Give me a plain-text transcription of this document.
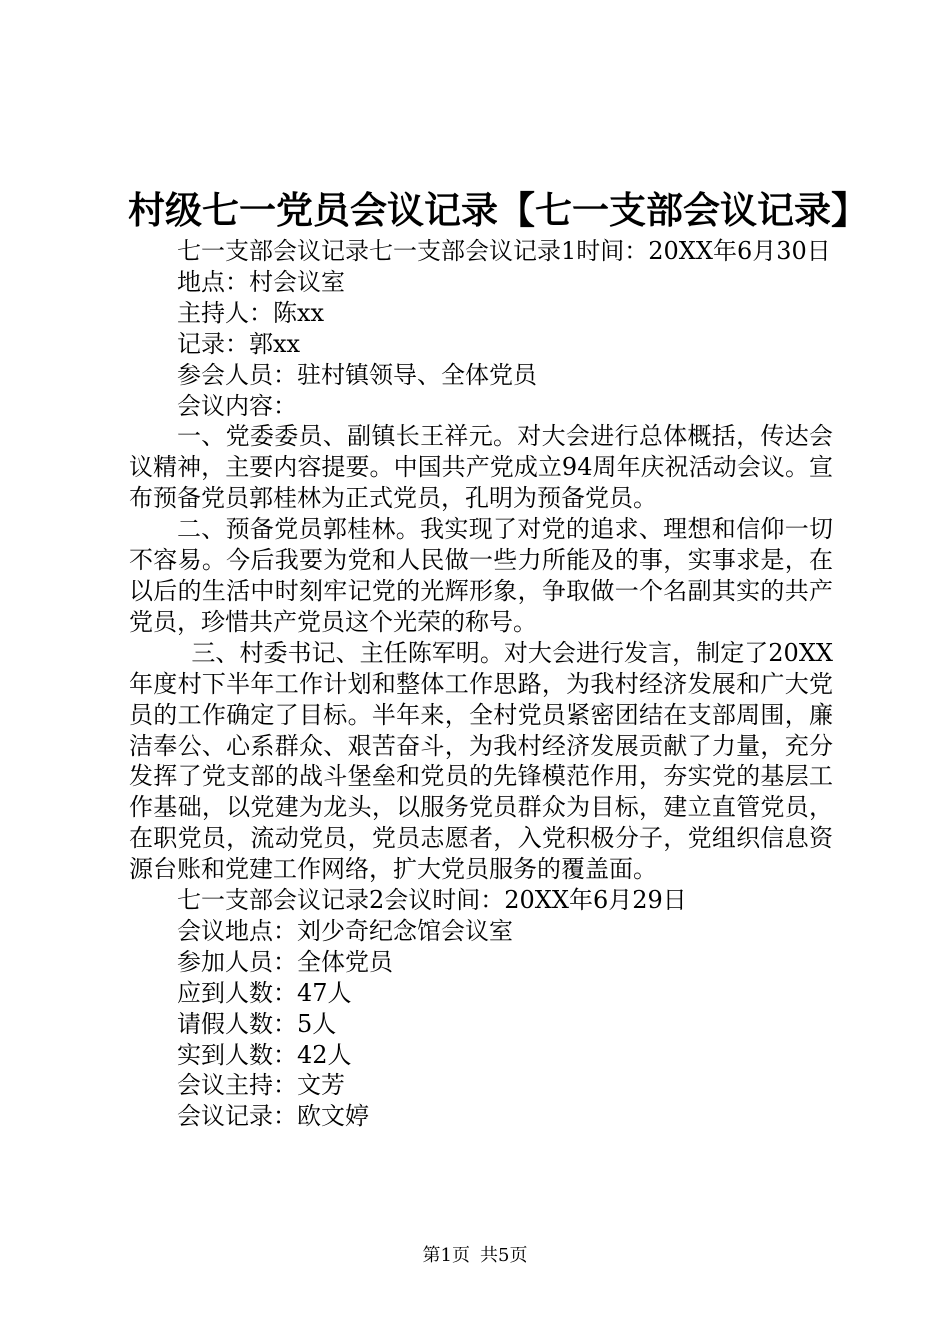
村级七一党员会议记录【七一支部会议记录】

七一支部会议记录七一支部会议记录1时间：20XX年6月30日

地点：村会议室

主持人：陈xx

记录：郭xx

参会人员：驻村镇领导、全体党员

会议内容：

一、党委委员、副镇长王祥元。对大会进行总体概括，传达会议精神，主要内容提要。中国共产党成立94周年庆祝活动会议。宣布预备党员郭桂林为正式党员，孔明为预备党员。

二、预备党员郭桂林。我实现了对党的追求、理想和信仰一切不容易。今后我要为党和人民做一些力所能及的事，实事求是，在以后的生活中时刻牢记党的光辉形象，争取做一个名副其实的共产党员，珍惜共产党员这个光荣的称号。

三、村委书记、主任陈军明。对大会进行发言，制定了20XX年度村下半年工作计划和整体工作思路，为我村经济发展和广大党员的工作确定了目标。半年来，全村党员紧密团结在支部周围，廉洁奉公、心系群众、艰苦奋斗，为我村经济发展贡献了力量，充分发挥了党支部的战斗堡垒和党员的先锋模范作用，夯实党的基层工作基础，以党建为龙头，以服务党员群众为目标，建立直管党员，在职党员，流动党员，党员志愿者，入党积极分子，党组织信息资源台账和党建工作网络，扩大党员服务的覆盖面。

七一支部会议记录2会议时间：20XX年6月29日

会议地点：刘少奇纪念馆会议室

参加人员：全体党员

应到人数：47人

请假人数：5人

实到人数：42人

会议主持：文芳

会议记录：欧文婷

第1页 共5页
